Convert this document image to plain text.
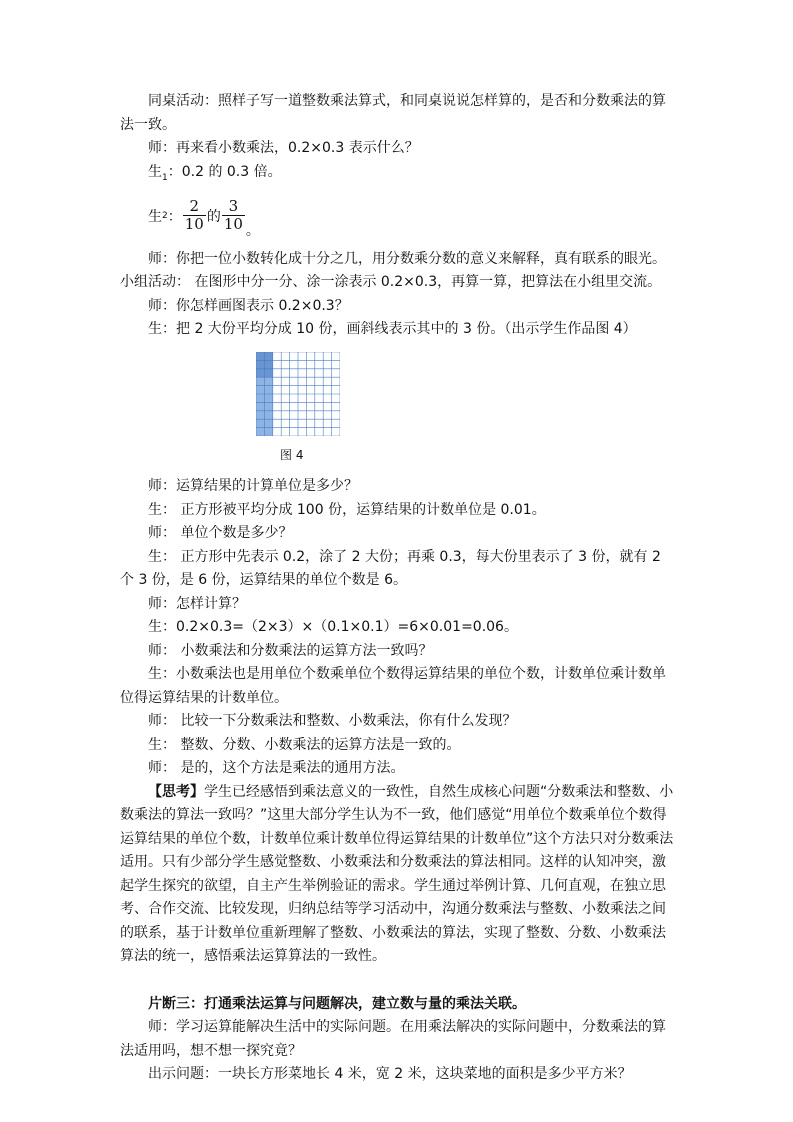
同桌活动：照样子写一道整数乘法算式，和同桌说说怎样算的，是否和分数乘法的算法一致。

师：再来看小数乘法，0.2×0.3 表示什么？

生$_1$：0.2 的 0.3 倍。

生 2 ： $\frac{2}{10}$ 的 $\frac{3}{10}$ 。

师：你把一位小数转化成十分之几，用分数乘分数的意义来解释，真有联系的眼光。

小组活动： 在图形中分一分、涂一涂表示 0.2×0.3，再算一算，把算法在小组里交流。

师：你怎样画图表示 0.2×0.3？

生：把 2 大份平均分成 10 份，画斜线表示其中的 3 份。（出示学生作品图 4）

图 4

师：运算结果的计算单位是多少？

生： 正方形被平均分成 100 份，运算结果的计数单位是 0.01。

师： 单位个数是多少？

生： 正方形中先表示 0.2，涂了 2 大份；再乘 0.3，每大份里表示了 3 份，就有 2 个 3 份，是 6 份，运算结果的单位个数是 6。

师：怎样计算？

生：0.2×0.3=（2×3）×（0.1×0.1）=6×0.01=0.06。

师： 小数乘法和分数乘法的运算方法一致吗？

生：小数乘法也是用单位个数乘单位个数得运算结果的单位个数，计数单位乘计数单位得运算结果的计数单位。

师： 比较一下分数乘法和整数、小数乘法，你有什么发现？

生： 整数、分数、小数乘法的运算方法是一致的。

师： 是的，这个方法是乘法的通用方法。

【思考】学生已经感悟到乘法意义的一致性，自然生成核心问题“分数乘法和整数、小数乘法的算法一致吗？”这里大部分学生认为不一致，他们感觉“用单位个数乘单位个数得运算结果的单位个数，计数单位乘计数单位得运算结果的计数单位”这个方法只对分数乘法适用。只有少部分学生感觉整数、小数乘法和分数乘法的算法相同。这样的认知冲突，激起学生探究的欲望，自主产生举例验证的需求。学生通过举例计算、几何直观，在独立思考、合作交流、比较发现，归纳总结等学习活动中，沟通分数乘法与整数、小数乘法之间的联系，基于计数单位重新理解了整数、小数乘法的算法，实现了整数、分数、小数乘法算法的统一，感悟乘法运算算法的一致性。

片断三：打通乘法运算与问题解决，建立数与量的乘法关联。

师：学习运算能解决生活中的实际问题。在用乘法解决的实际问题中，分数乘法的算法适用吗，想不想一探究竟？

出示问题：一块长方形菜地长 4 米，宽 2 米，这块菜地的面积是多少平方米？
